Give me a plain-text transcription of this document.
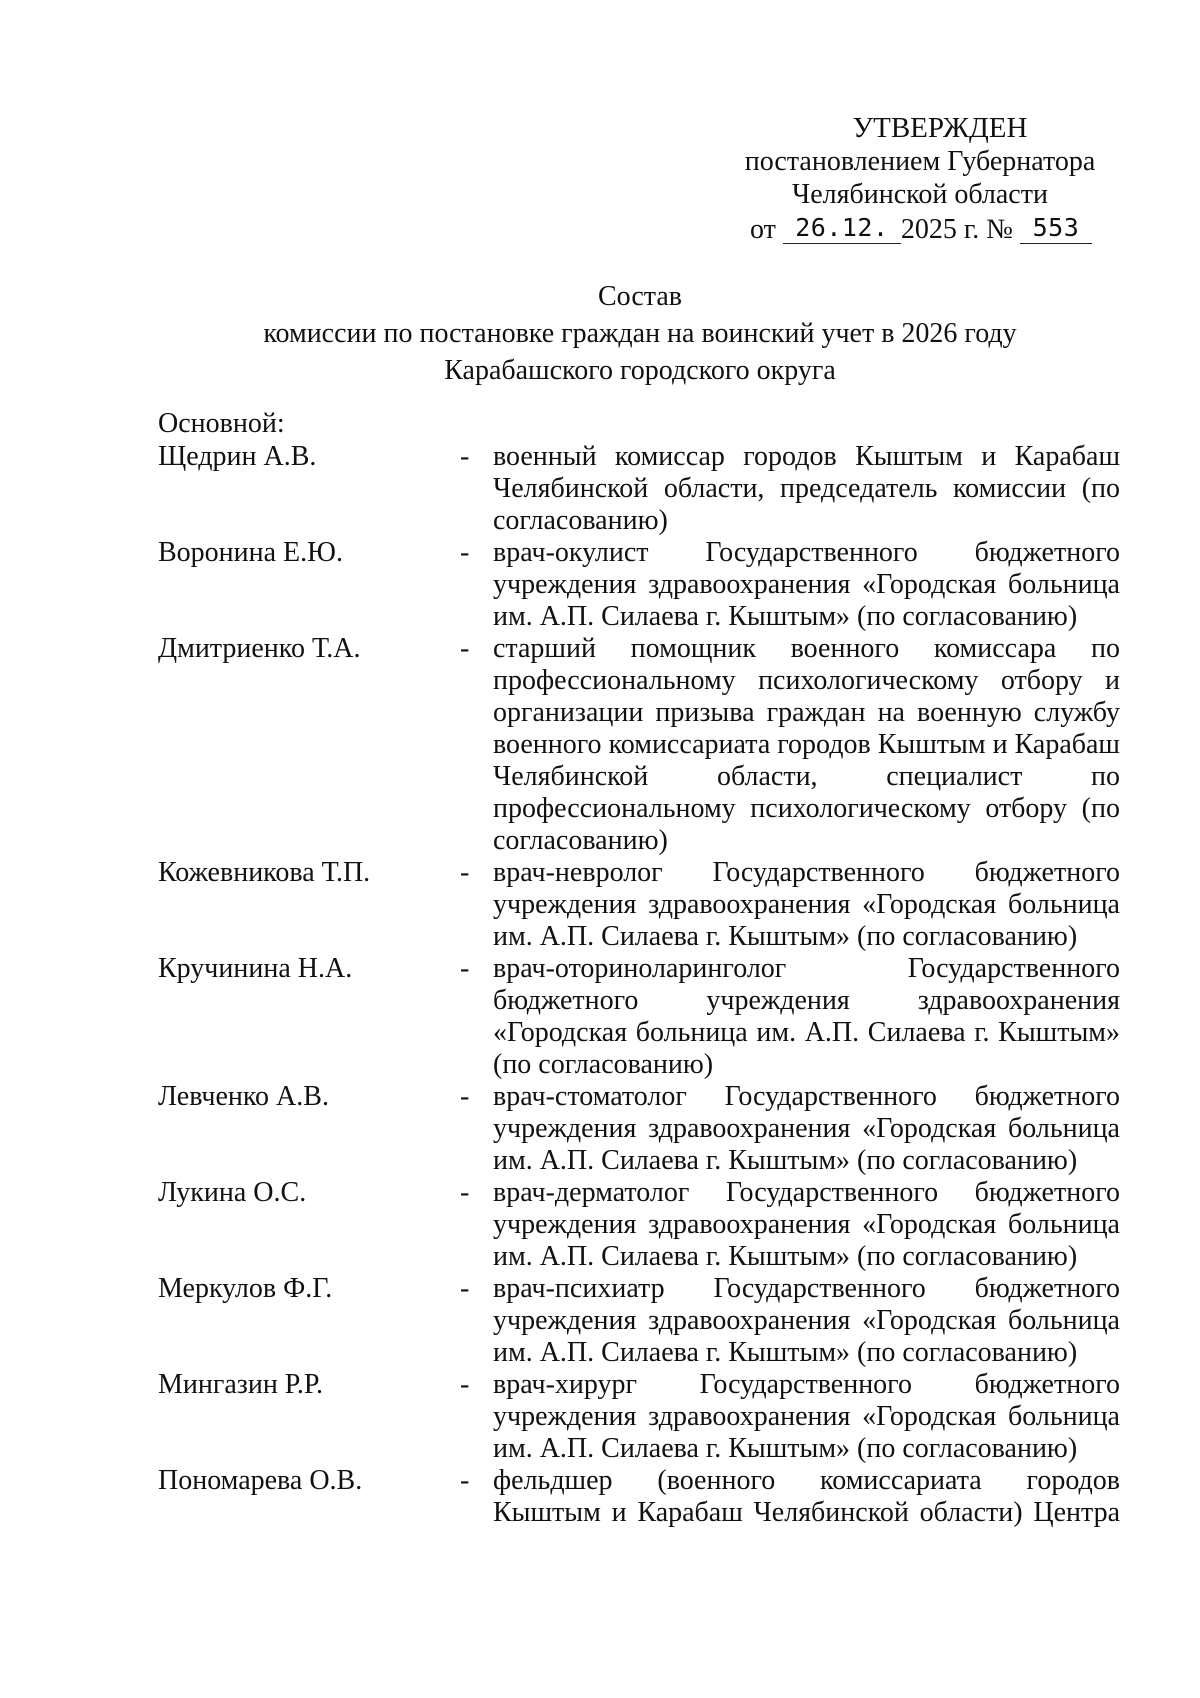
УТВЕРЖДЕН
постановлением Губернатора
Челябинской области
от 26.12. 2025 г. № 553
Состав
комиссии по постановке граждан на воинский учет в 2026 году
Карабашского городского округа
Основной:
Щедрин А.В.	- военный комиссар городов Кыштым и Карабаш Челябинской области, председатель комиссии (по согласованию)
Воронина Е.Ю.	- врач-окулист Государственного бюджетного учреждения здравоохранения «Городская больница им. А.П. Силаева г. Кыштым» (по согласованию)
Дмитриенко Т.А.	- старший помощник военного комиссара по профессиональному психологическому отбору и организации призыва граждан на военную службу военного комиссариата городов Кыштым и Карабаш Челябинской области, специалист по профессиональному психологическому отбору (по согласованию)
Кожевникова Т.П.	- врач-невролог Государственного бюджетного учреждения здравоохранения «Городская больница им. А.П. Силаева г. Кыштым» (по согласованию)
Кручинина Н.А.	- врач-оториноларинголог Государственного бюджетного учреждения здравоохранения «Городская больница им. А.П. Силаева г. Кыштым» (по согласованию)
Левченко А.В.	- врач-стоматолог Государственного бюджетного учреждения здравоохранения «Городская больница им. А.П. Силаева г. Кыштым» (по согласованию)
Лукина О.С.	- врач-дерматолог Государственного бюджетного учреждения здравоохранения «Городская больница им. А.П. Силаева г. Кыштым» (по согласованию)
Меркулов Ф.Г.	- врач-психиатр Государственного бюджетного учреждения здравоохранения «Городская больница им. А.П. Силаева г. Кыштым» (по согласованию)
Мингазин Р.Р.	- врач-хирург Государственного бюджетного учреждения здравоохранения «Городская больница им. А.П. Силаева г. Кыштым» (по согласованию)
Пономарева О.В.	- фельдшер (военного комиссариата городов Кыштым и Карабаш Челябинской области) Центра
